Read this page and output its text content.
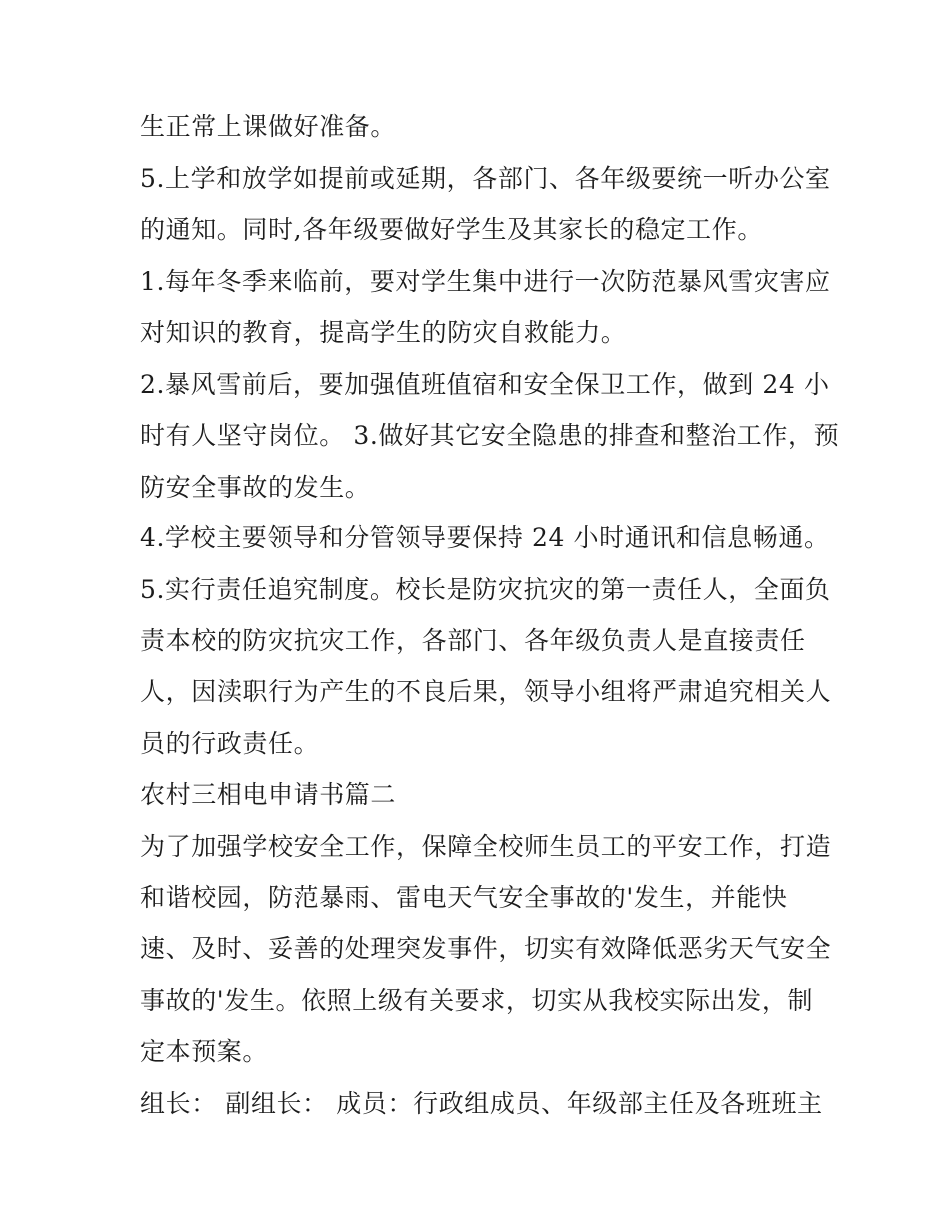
生正常上课做好准备。
5.上学和放学如提前或延期，各部门、各年级要统一听办公室
的通知。同时,各年级要做好学生及其家长的稳定工作。
1.每年冬季来临前，要对学生集中进行一次防范暴风雪灾害应
对知识的教育，提高学生的防灾自救能力。
2.暴风雪前后，要加强值班值宿和安全保卫工作，做到 24 小
时有人坚守岗位。 3.做好其它安全隐患的排查和整治工作，预
防安全事故的发生。
4.学校主要领导和分管领导要保持 24 小时通讯和信息畅通。
5.实行责任追究制度。校长是防灾抗灾的第一责任人，全面负
责本校的防灾抗灾工作，各部门、各年级负责人是直接责任
人，因渎职行为产生的不良后果，领导小组将严肃追究相关人
员的行政责任。
农村三相电申请书篇二
为了加强学校安全工作，保障全校师生员工的平安工作，打造
和谐校园，防范暴雨、雷电天气安全事故的'发生，并能快
速、及时、妥善的处理突发事件，切实有效降低恶劣天气安全
事故的'发生。依照上级有关要求，切实从我校实际出发，制
定本预案。
组长： 副组长： 成员：行政组成员、年级部主任及各班班主
